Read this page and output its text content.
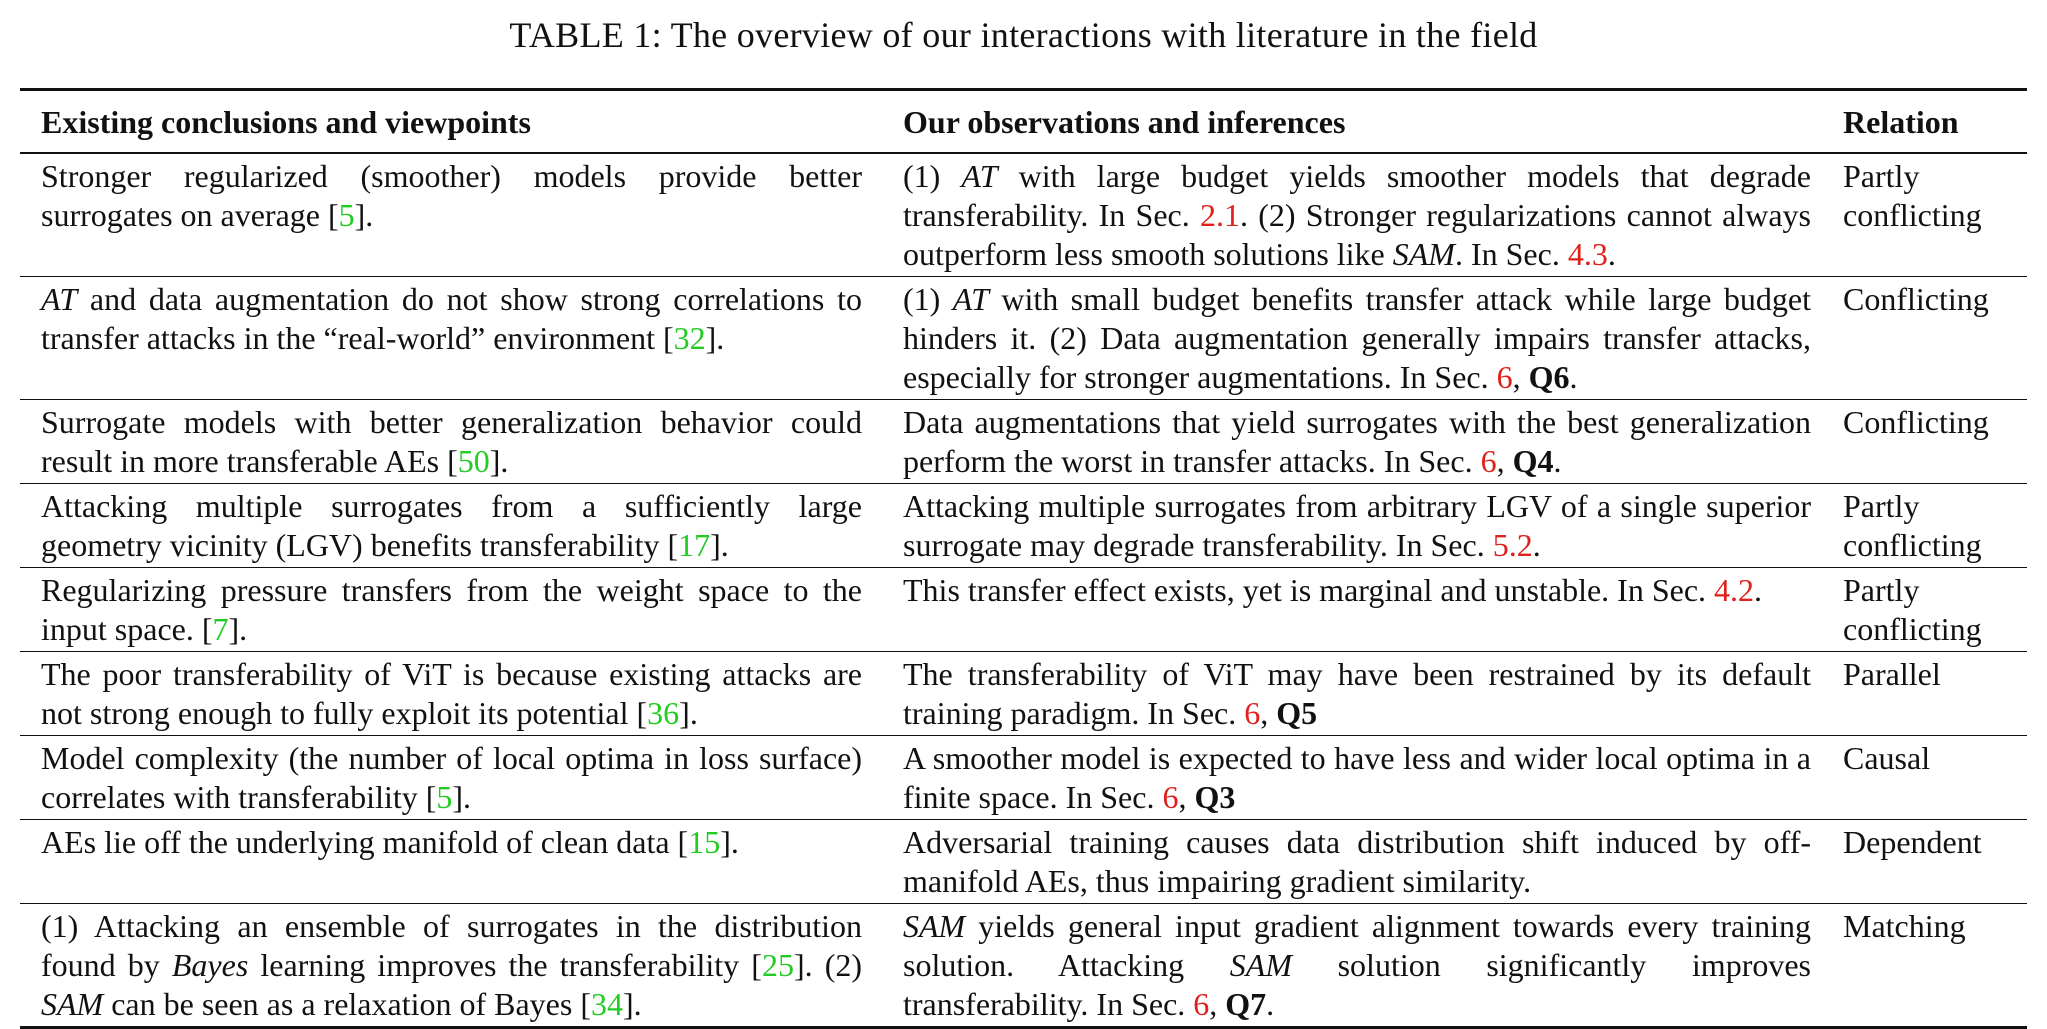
TABLE 1: The overview of our interactions with literature in the field
Existing conclusions and viewpoints	Our observations and inferences	Relation
Stronger regularized (smoother) models provide better surrogates on average [5].	(1) AT with large budget yields smoother models that degrade transferability. In Sec. 2.1. (2) Stronger regularizations cannot always outperform less smooth solutions like SAM. In Sec. 4.3.	Partly conflicting
AT and data augmentation do not show strong correlations to transfer attacks in the “real-world” environment [32].	(1) AT with small budget benefits transfer attack while large budget hinders it. (2) Data augmentation generally impairs transfer attacks, especially for stronger augmentations. In Sec. 6, Q6.	Conflicting
Surrogate models with better generalization behavior could result in more transferable AEs [50].	Data augmentations that yield surrogates with the best generalization perform the worst in transfer attacks. In Sec. 6, Q4.	Conflicting
Attacking multiple surrogates from a sufficiently large geometry vicinity (LGV) benefits transferability [17].	Attacking multiple surrogates from arbitrary LGV of a single superior surrogate may degrade transferability. In Sec. 5.2.	Partly conflicting
Regularizing pressure transfers from the weight space to the input space. [7].	This transfer effect exists, yet is marginal and unstable. In Sec. 4.2.	Partly conflicting
The poor transferability of ViT is because existing attacks are not strong enough to fully exploit its potential [36].	The transferability of ViT may have been restrained by its default training paradigm. In Sec. 6, Q5	Parallel
Model complexity (the number of local optima in loss surface) correlates with transferability [5].	A smoother model is expected to have less and wider local optima in a finite space. In Sec. 6, Q3	Causal
AEs lie off the underlying manifold of clean data [15].	Adversarial training causes data distribution shift induced by off-manifold AEs, thus impairing gradient similarity.	Dependent
(1) Attacking an ensemble of surrogates in the distribution found by Bayes learning improves the transferability [25]. (2) SAM can be seen as a relaxation of Bayes [34].	SAM yields general input gradient alignment towards every training solution. Attacking SAM solution significantly improves transferability. In Sec. 6, Q7.	Matching
